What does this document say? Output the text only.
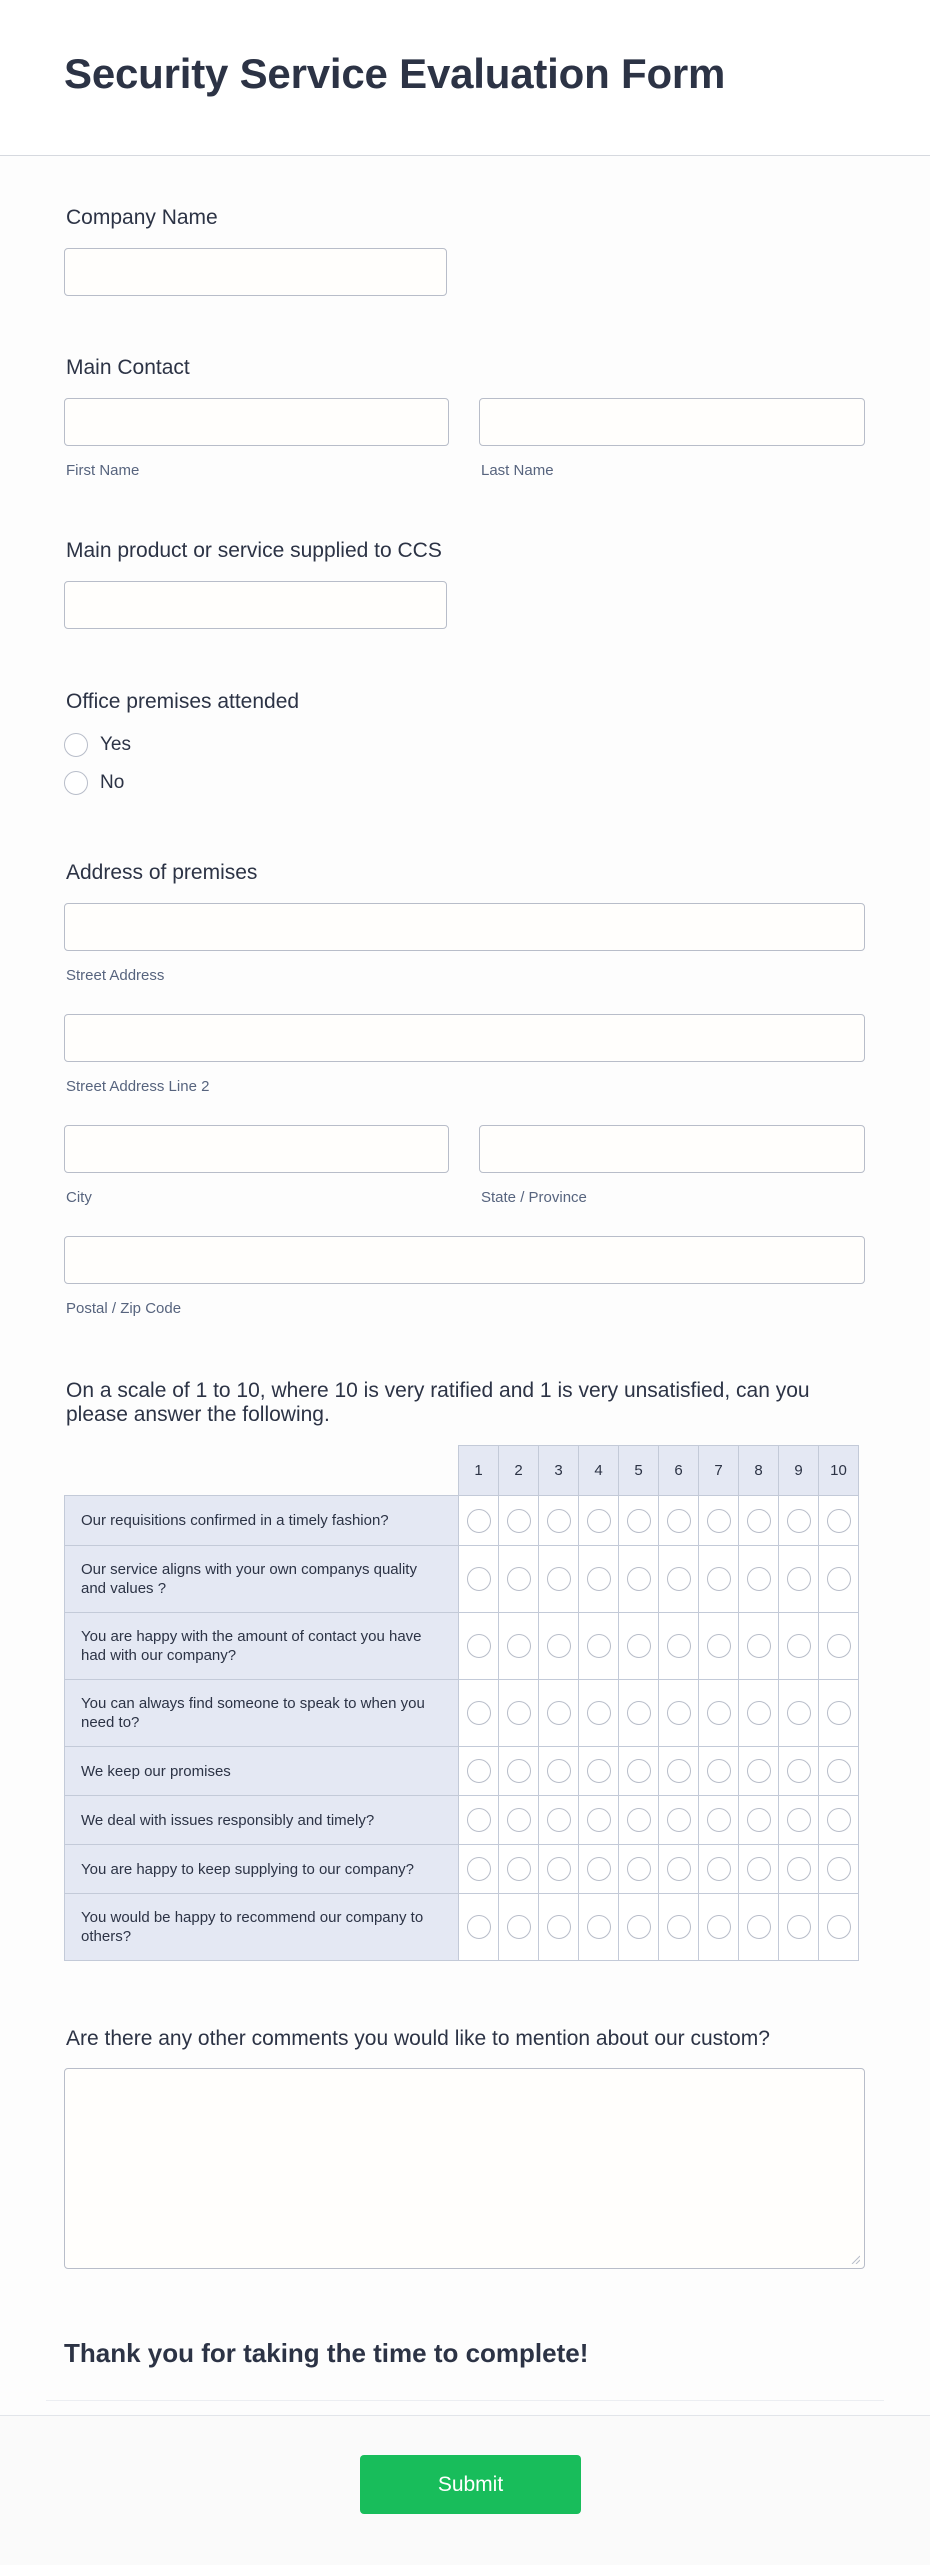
Security Service Evaluation Form

Company Name

Main Contact

First Name	Last Name

Main product or service supplied to CCS

Office premises attended

Yes
No

Address of premises

Street Address
Street Address Line 2
City	State / Province
Postal / Zip Code

On a scale of 1 to 10, where 10 is very ratified and 1 is very unsatisfied, can you please answer the following.

	1	2	3	4	5	6	7	8	9	10
Our requisitions confirmed in a timely fashion?										
Our service aligns with your own companys quality and values ?										
You are happy with the amount of contact you have had with our company?										
You can always find someone to speak to when you need to?										
We keep our promises										
We deal with issues responsibly and timely?										
You are happy to keep supplying to our company?										
You would be happy to recommend our company to others?										

Are there any other comments you would like to mention about our custom?

Thank you for taking the time to complete!

Submit
